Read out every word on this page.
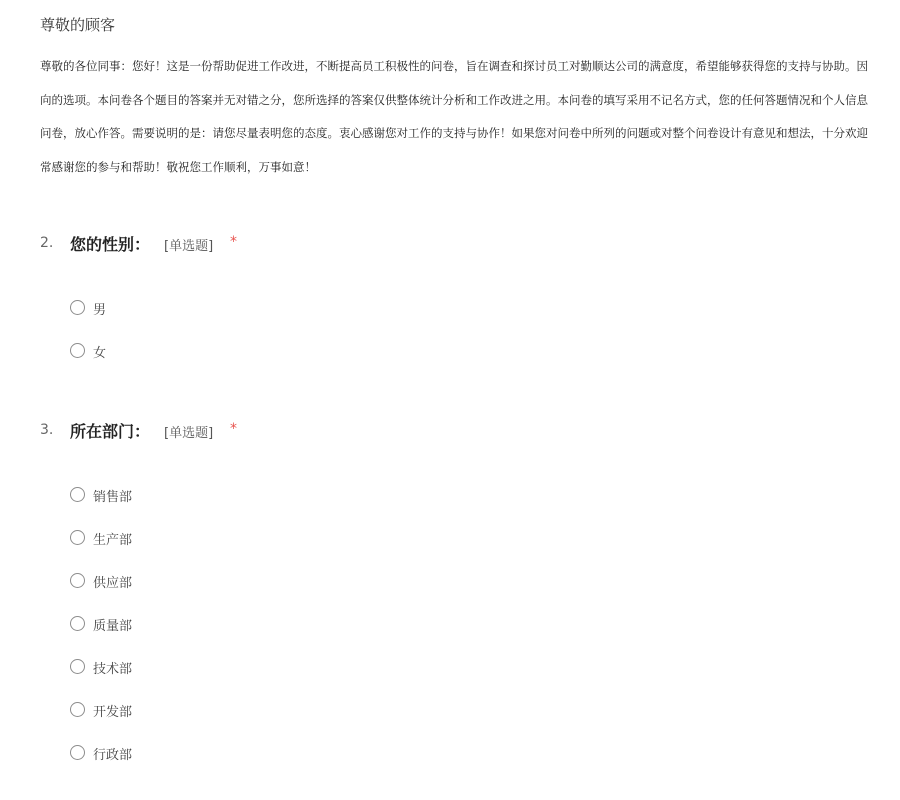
尊敬的顾客
尊敬的各位同事：您好！这是一份帮助促进工作改进，不断提高员工积极性的问卷，旨在调查和探讨员工对勤顺达公司的满意度，希望能够获得您的支持与协助。因
向的选项。本问卷各个题目的答案并无对错之分，您所选择的答案仅供整体统计分析和工作改进之用。本问卷的填写采用不记名方式，您的任何答题情况和个人信息
问卷，放心作答。需要说明的是：请您尽量表明您的态度。衷心感谢您对工作的支持与协作！如果您对问卷中所列的问题或对整个问卷设计有意见和想法，十分欢迎
常感谢您的参与和帮助！敬祝您工作顺利，万事如意！
2. 您的性别： [单选题] *
男
女
3. 所在部门： [单选题] *
销售部
生产部
供应部
质量部
技术部
开发部
行政部
